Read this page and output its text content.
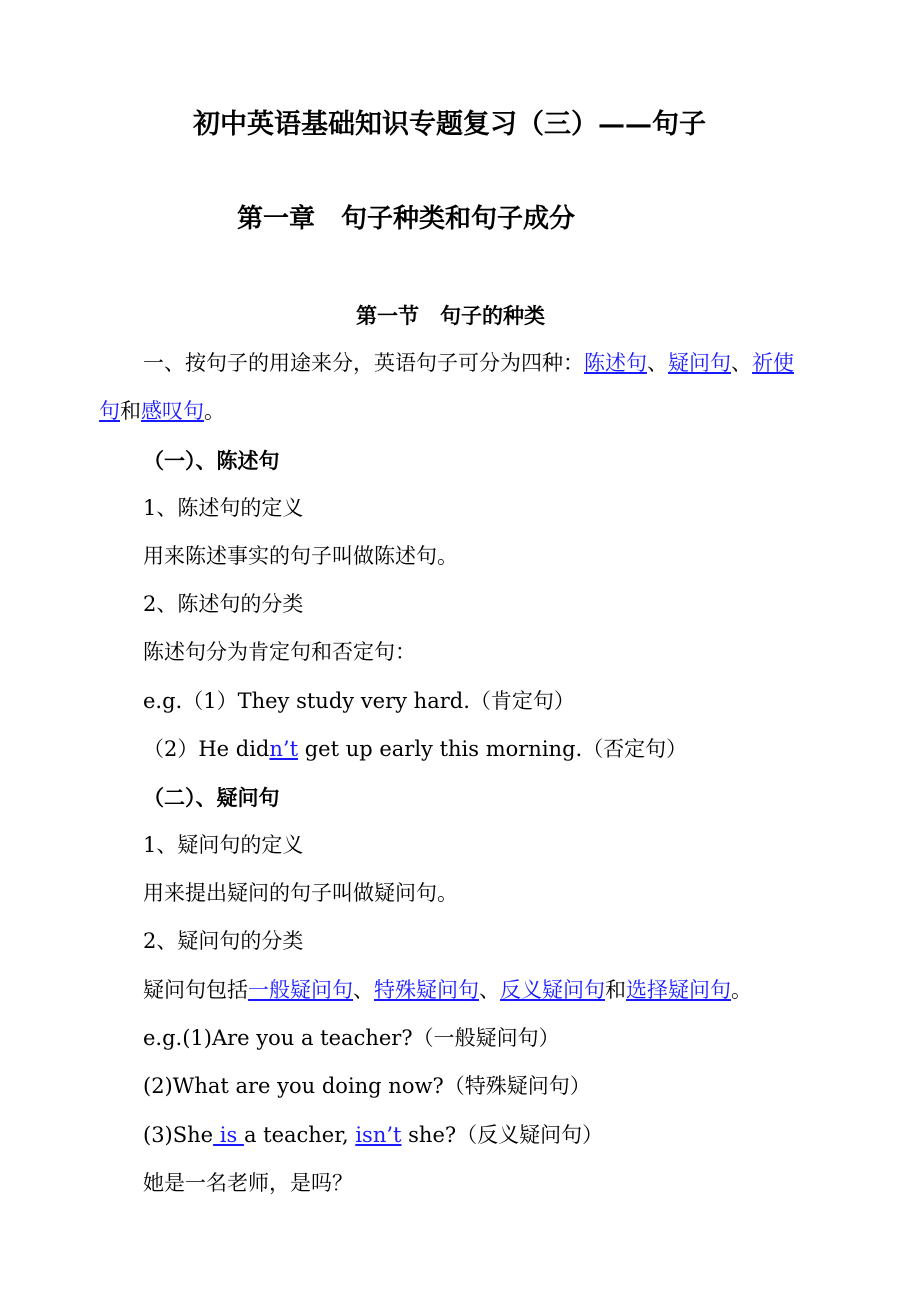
初中英语基础知识专题复习（三）——句子
第一章　句子种类和句子成分
第一节　句子的种类
一、按句子的用途来分，英语句子可分为四种：陈述句、疑问句、祈使
句和感叹句。
（一）、陈述句
1、陈述句的定义
用来陈述事实的句子叫做陈述句。
2、陈述句的分类
陈述句分为肯定句和否定句：
e.g.（1）They study very hard.（肯定句）
（2）He didn’t get up early this morning.（否定句）
（二）、疑问句
1、疑问句的定义
用来提出疑问的句子叫做疑问句。
2、疑问句的分类
疑问句包括一般疑问句、特殊疑问句、反义疑问句和选择疑问句。
e.g.(1)Are you a teacher?（一般疑问句）
(2)What are you doing now?（特殊疑问句）
(3)She is a teacher, isn’t she?（反义疑问句）
她是一名老师，是吗？
